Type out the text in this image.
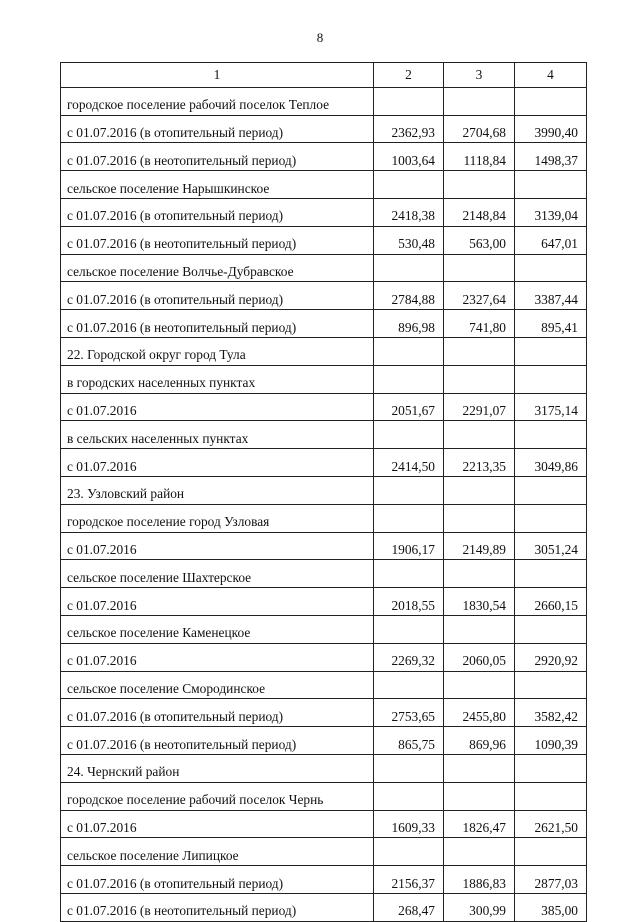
8
1	2	3	4
городское поселение рабочий поселок Теплое			
с 01.07.2016 (в отопительный период)	2362,93	2704,68	3990,40
с 01.07.2016 (в неотопительный период)	1003,64	1118,84	1498,37
сельское поселение Нарышкинское			
с 01.07.2016 (в отопительный период)	2418,38	2148,84	3139,04
с 01.07.2016 (в неотопительный период)	530,48	563,00	647,01
сельское поселение Волчье-Дубравское			
с 01.07.2016 (в отопительный период)	2784,88	2327,64	3387,44
с 01.07.2016 (в неотопительный период)	896,98	741,80	895,41
22. Городской округ город Тула			
в городских населенных пунктах			
с 01.07.2016	2051,67	2291,07	3175,14
в сельских населенных пунктах			
с 01.07.2016	2414,50	2213,35	3049,86
23. Узловский район			
городское поселение город Узловая			
с 01.07.2016	1906,17	2149,89	3051,24
сельское поселение Шахтерское			
с 01.07.2016	2018,55	1830,54	2660,15
сельское поселение Каменецкое			
с 01.07.2016	2269,32	2060,05	2920,92
сельское поселение Смородинское			
с 01.07.2016 (в отопительный период)	2753,65	2455,80	3582,42
с 01.07.2016 (в неотопительный период)	865,75	869,96	1090,39
24. Чернский район			
городское поселение рабочий поселок Чернь			
с 01.07.2016	1609,33	1826,47	2621,50
сельское поселение Липицкое			
с 01.07.2016 (в отопительный период)	2156,37	1886,83	2877,03
с 01.07.2016 (в неотопительный период)	268,47	300,99	385,00
